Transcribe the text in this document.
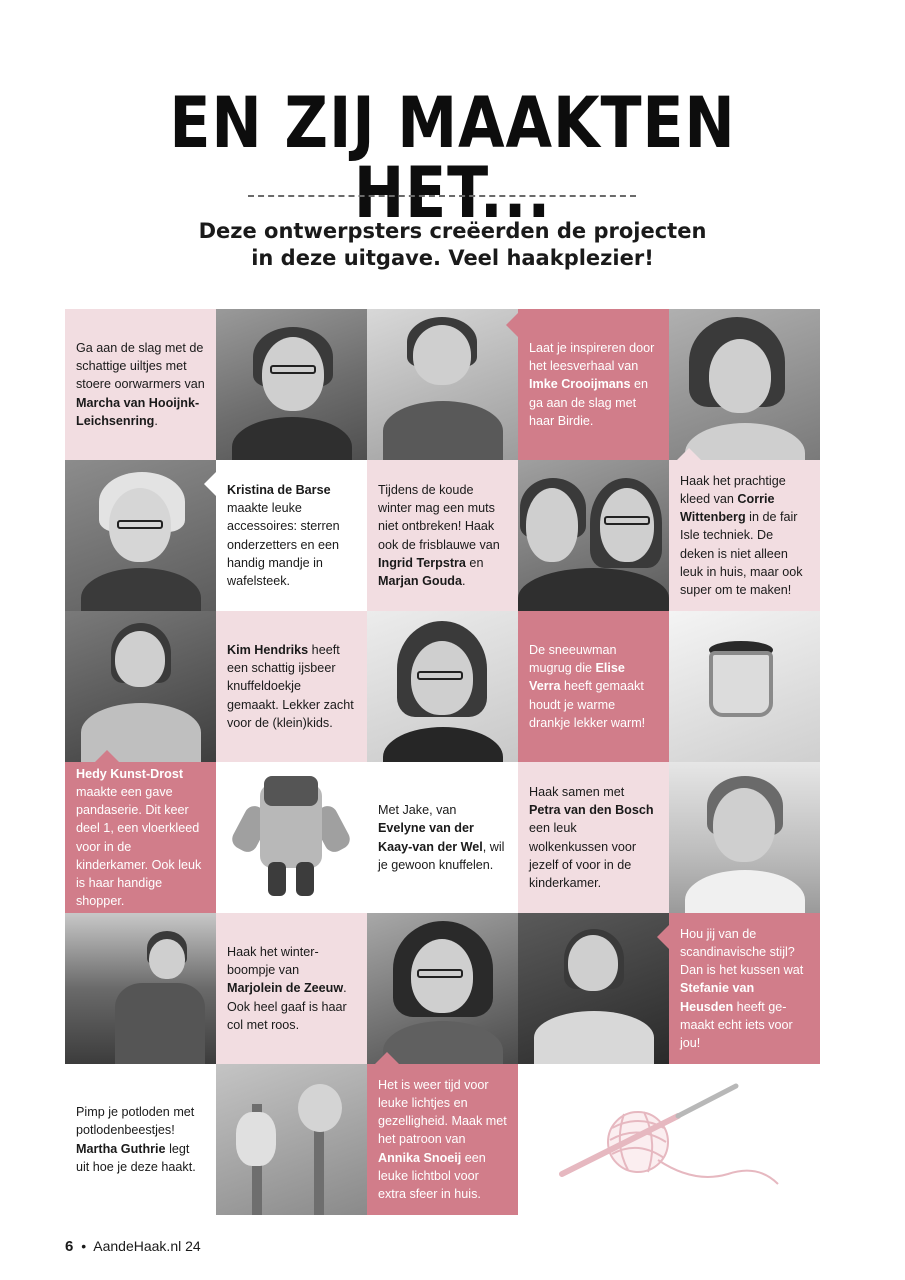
EN ZIJ MAAKTEN HET...
Deze ontwerpsters creëerden de projecten
in deze uitgave. Veel haakplezier!

Ga aan de slag met de schattige uiltjes met stoere oorwarmers van Marcha van Hooijnk-Leichsenring.

Laat je inspireren door het leesverhaal van Imke Crooijmans en ga aan de slag met haar Birdie.

Kristina de Barse maakte leuke accessoires: sterren onderzetters en een handig mandje in wafelsteek.

Tijdens de koude winter mag een muts niet ontbreken! Haak ook de frisblauwe van Ingrid Terpstra en Marjan Gouda.

Haak het prachtige kleed van Corrie Wittenberg in de fair Isle techniek. De deken is niet alleen leuk in huis, maar ook super om te maken!

Kim Hendriks heeft een schattig ijsbeer knuffeldoekje gemaakt. Lekker zacht voor de (klein)kids.

De sneeuwman mugrug die Elise Verra heeft gemaakt houdt je warme drankje lekker warm!

Hedy Kunst-Drost maakte een gave pandaserie. Dit keer deel 1, een vloerkleed voor in de kinderkamer. Ook leuk is haar handige shopper.

Met Jake, van Evelyne van der Kaay-van der Wel, wil je gewoon knuffelen.

Haak samen met Petra van den Bosch een leuk wolkenkussen voor jezelf of voor in de kinderkamer.

Haak het winterboompje van Marjolein de Zeeuw. Ook heel gaaf is haar col met roos.

Hou jij van de scandinavische stijl? Dan is het kussen wat Stefanie van Heusden heeft gemaakt echt iets voor jou!

Pimp je potloden met potlodenbeestjes! Martha Guthrie legt uit hoe je deze haakt.

Het is weer tijd voor leuke lichtjes en gezelligheid. Maak met het patroon van Annika Snoeij een leuke lichtbol voor extra sfeer in huis.

6 • AandeHaak.nl 24
